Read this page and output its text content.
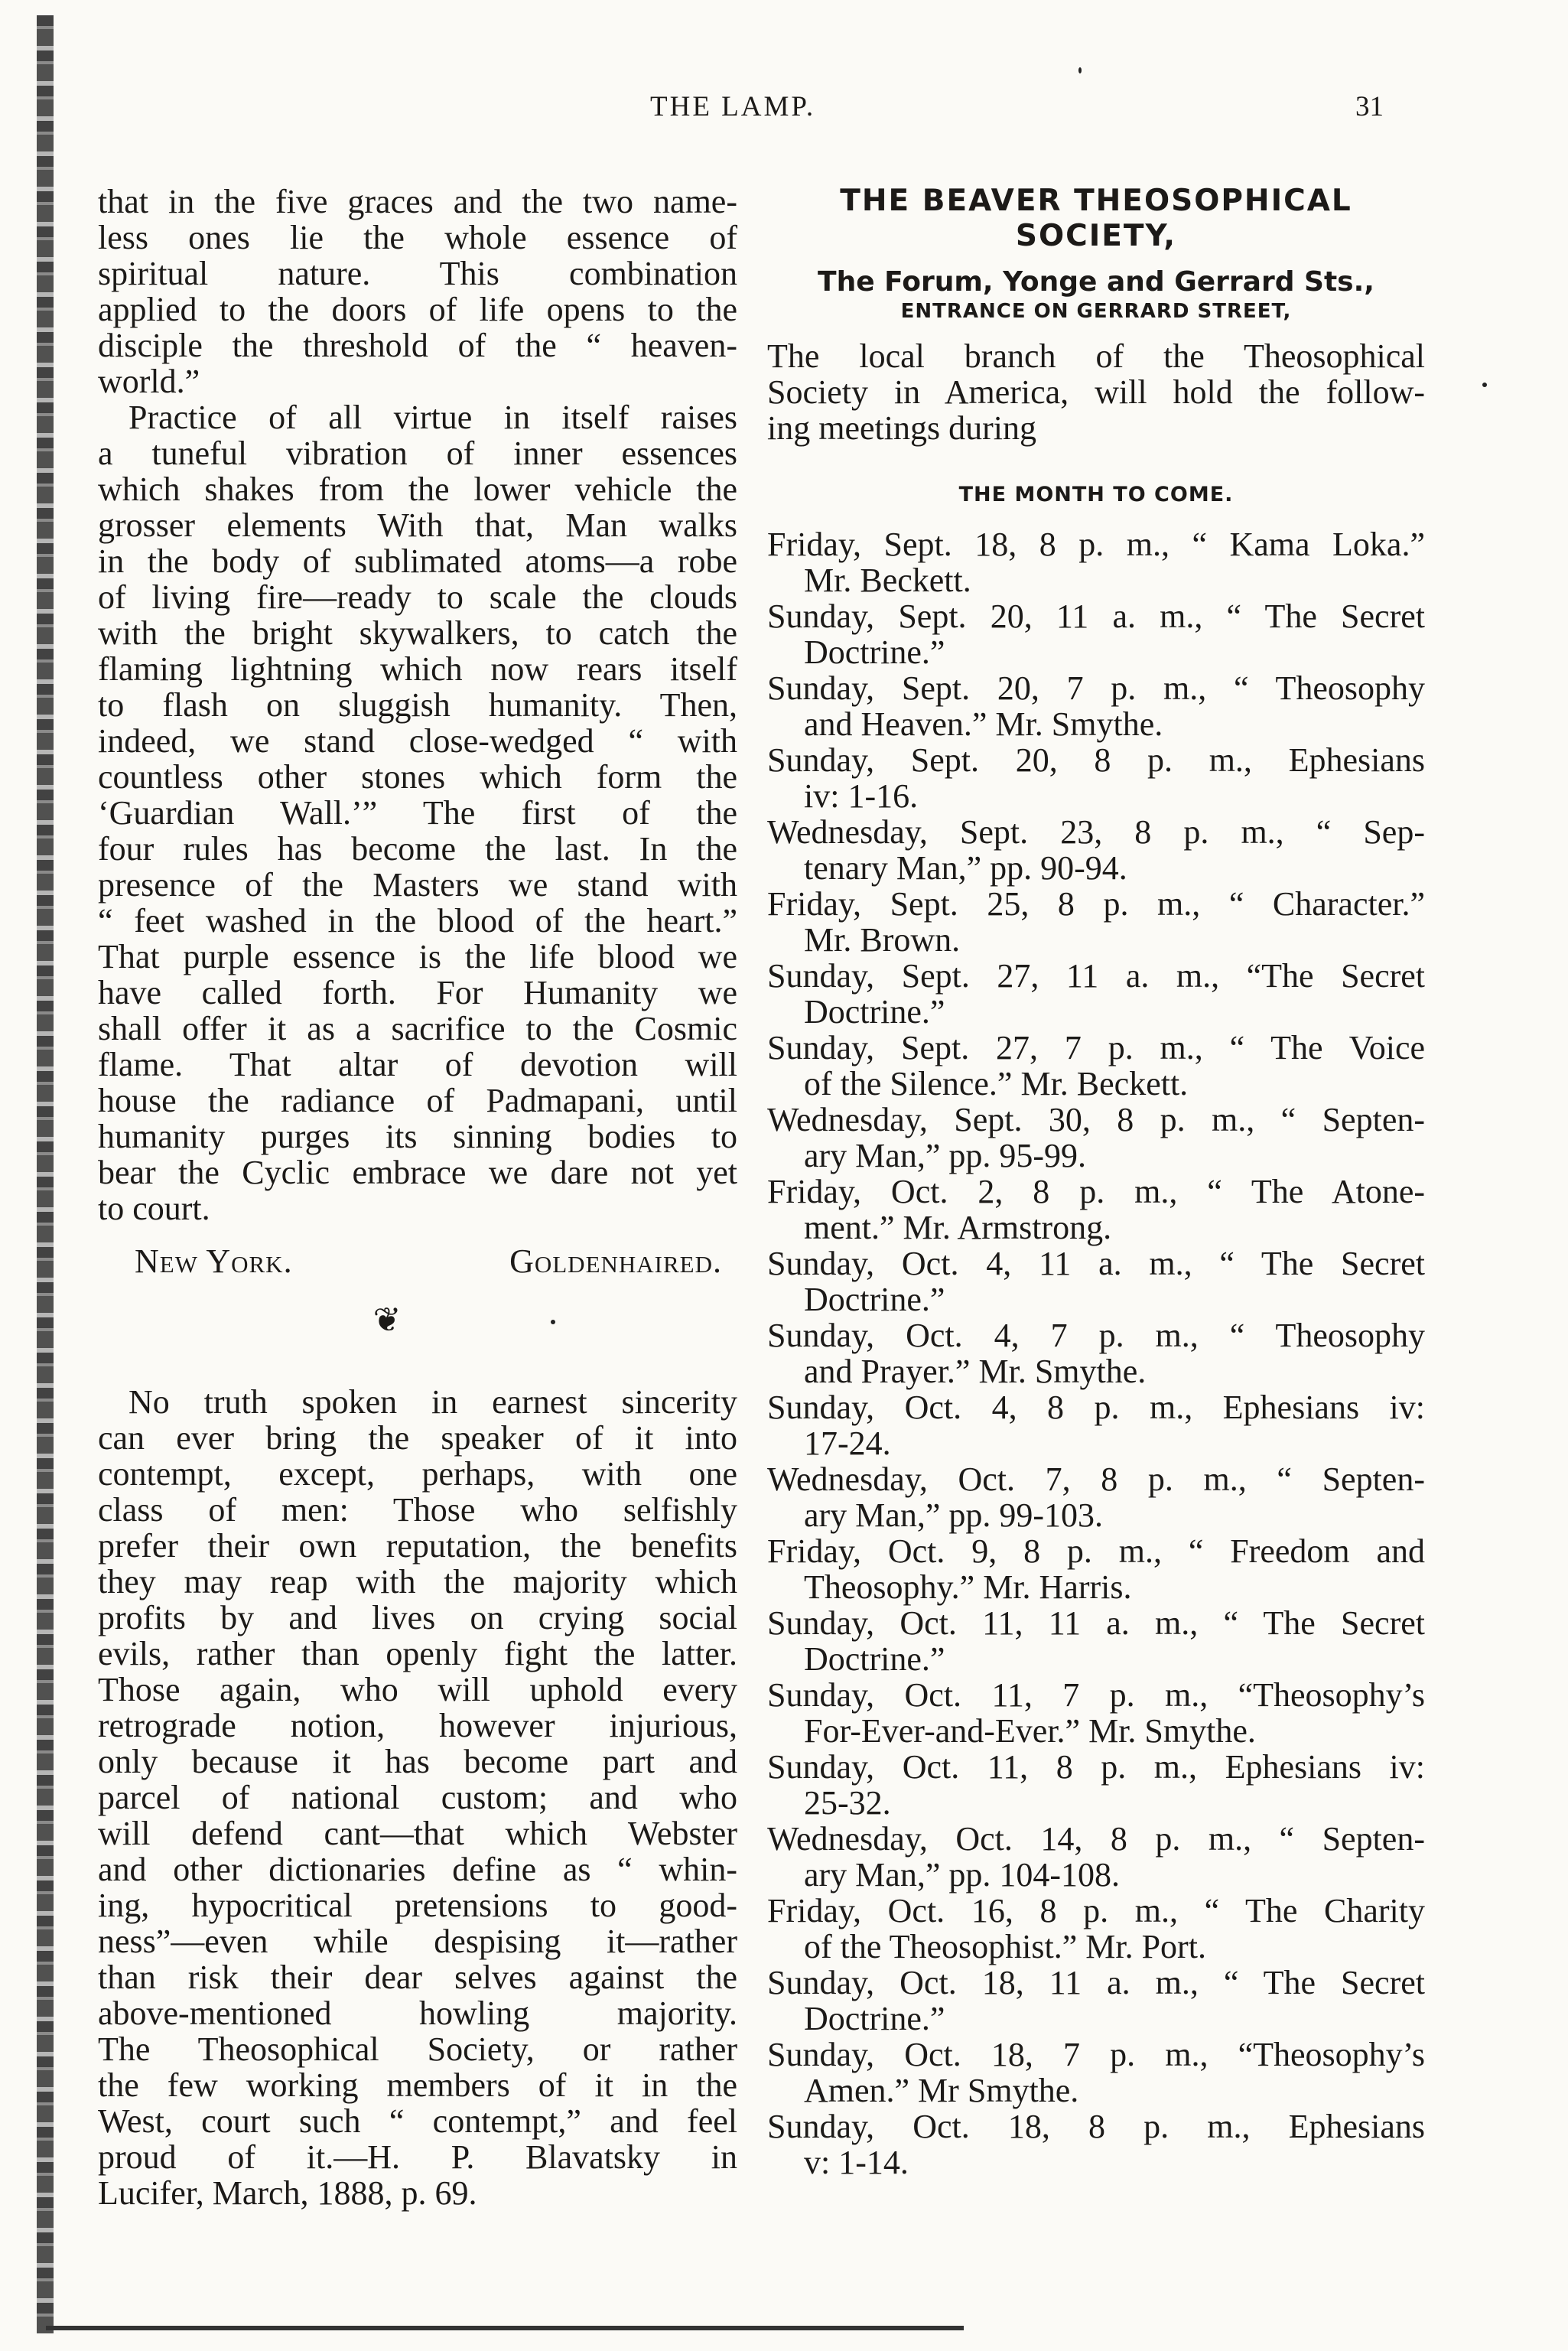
THE LAMP.	31
that in the five graces and the two name-
less ones lie the whole essence of
spiritual nature. This combination
applied to the doors of life opens to the
disciple the threshold of the “ heaven-
world.”
Practice of all virtue in itself raises
a tuneful vibration of inner essences
which shakes from the lower vehicle the
grosser elements With that, Man walks
in the body of sublimated atoms—a robe
of living fire—ready to scale the clouds
with the bright skywalkers, to catch the
flaming lightning which now rears itself
to flash on sluggish humanity. Then,
indeed, we stand close-wedged “ with
countless other stones which form the
‘Guardian Wall.’” The first of the
four rules has become the last. In the
presence of the Masters we stand with
“ feet washed in the blood of the heart.”
That purple essence is the life blood we
have called forth. For Humanity we
shall offer it as a sacrifice to the Cosmic
flame. That altar of devotion will
house the radiance of Padmapani, until
humanity purges its sinning bodies to
bear the Cyclic embrace we dare not yet
to court.
New York.	Goldenhaired.
❦
No truth spoken in earnest sincerity
can ever bring the speaker of it into
contempt, except, perhaps, with one
class of men: Those who selfishly
prefer their own reputation, the benefits
they may reap with the majority which
profits by and lives on crying social
evils, rather than openly fight the latter.
Those again, who will uphold every
retrograde notion, however injurious,
only because it has become part and
parcel of national custom; and who
will defend cant—that which Webster
and other dictionaries define as “ whin-
ing, hypocritical pretensions to good-
ness”—even while despising it—rather
than risk their dear selves against the
above-mentioned howling majority.
The Theosophical Society, or rather
the few working members of it in the
West, court such “ contempt,” and feel
proud of it.—H. P. Blavatsky in
Lucifer, March, 1888, p. 69.
THE BEAVER THEOSOPHICAL
SOCIETY,
The Forum, Yonge and Gerrard Sts.,
ENTRANCE ON GERRARD STREET,
The local branch of the Theosophical
Society in America, will hold the follow-
ing meetings during
THE MONTH TO COME.
Friday, Sept. 18, 8 p. m., “ Kama Loka.”
Mr. Beckett.
Sunday, Sept. 20, 11 a. m., “ The Secret
Doctrine.”
Sunday, Sept. 20, 7 p. m., “ Theosophy
and Heaven.” Mr. Smythe.
Sunday, Sept. 20, 8 p. m., Ephesians
iv: 1-16.
Wednesday, Sept. 23, 8 p. m., “ Sep-
tenary Man,” pp. 90-94.
Friday, Sept. 25, 8 p. m., “ Character.”
Mr. Brown.
Sunday, Sept. 27, 11 a. m., “The Secret
Doctrine.”
Sunday, Sept. 27, 7 p. m., “ The Voice
of the Silence.” Mr. Beckett.
Wednesday, Sept. 30, 8 p. m., “ Septen-
ary Man,” pp. 95-99.
Friday, Oct. 2, 8 p. m., “ The Atone-
ment.” Mr. Armstrong.
Sunday, Oct. 4, 11 a. m., “ The Secret
Doctrine.”
Sunday, Oct. 4, 7 p. m., “ Theosophy
and Prayer.” Mr. Smythe.
Sunday, Oct. 4, 8 p. m., Ephesians iv:
17-24.
Wednesday, Oct. 7, 8 p. m., “ Septen-
ary Man,” pp. 99-103.
Friday, Oct. 9, 8 p. m., “ Freedom and
Theosophy.” Mr. Harris.
Sunday, Oct. 11, 11 a. m., “ The Secret
Doctrine.”
Sunday, Oct. 11, 7 p. m., “Theosophy’s
For-Ever-and-Ever.” Mr. Smythe.
Sunday, Oct. 11, 8 p. m., Ephesians iv:
25-32.
Wednesday, Oct. 14, 8 p. m., “ Septen-
ary Man,” pp. 104-108.
Friday, Oct. 16, 8 p. m., “ The Charity
of the Theosophist.” Mr. Port.
Sunday, Oct. 18, 11 a. m., “ The Secret
Doctrine.”
Sunday, Oct. 18, 7 p. m., “Theosophy’s
Amen.” Mr Smythe.
Sunday, Oct. 18, 8 p. m., Ephesians
v: 1-14.
